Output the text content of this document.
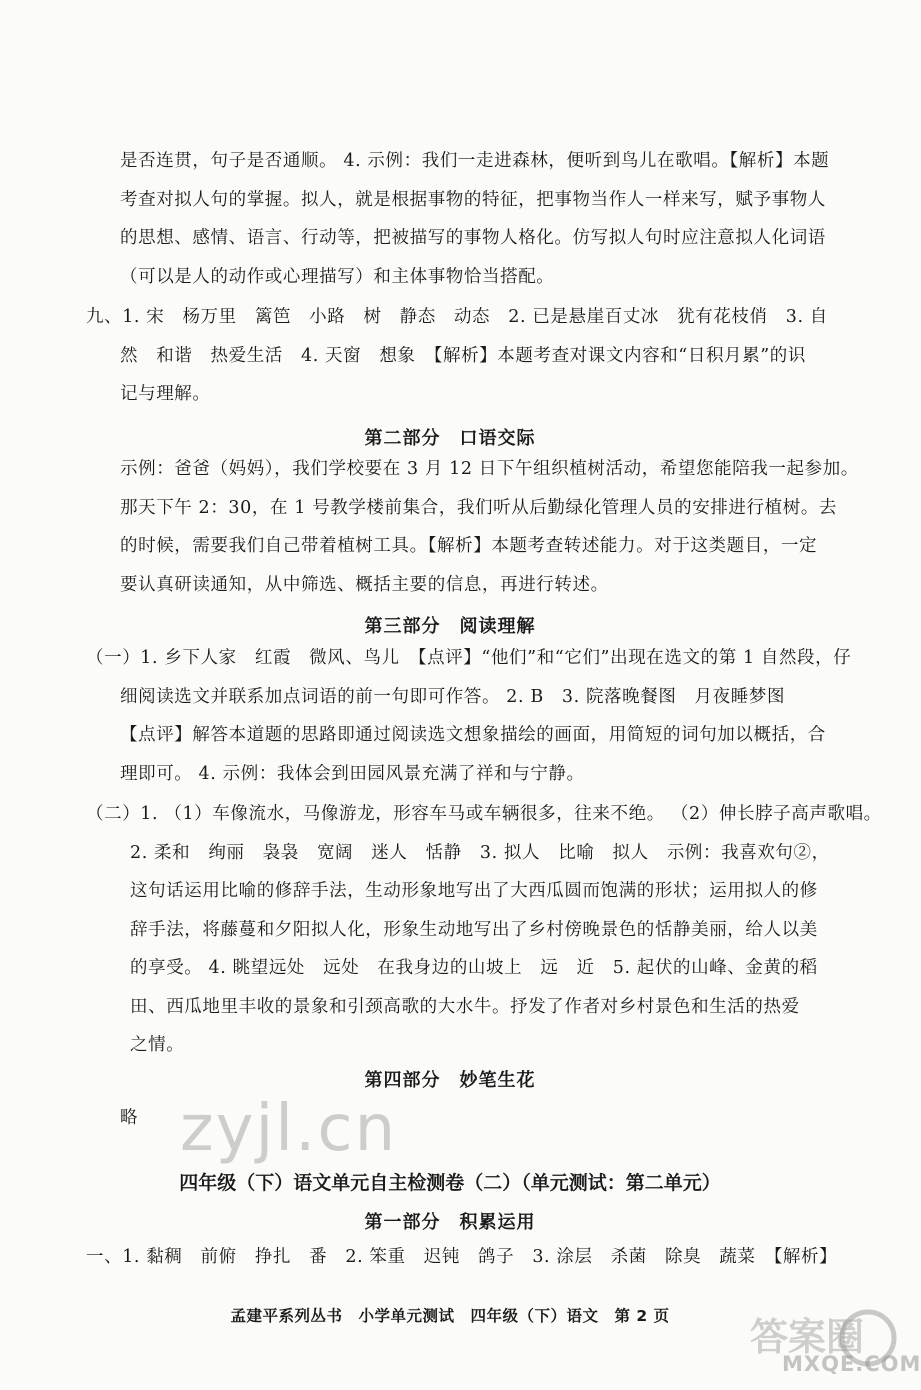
是否连贯，句子是否通顺。 4. 示例：我们一走进森林，便听到鸟儿在歌唱。【解析】本题
考查对拟人句的掌握。拟人，就是根据事物的特征，把事物当作人一样来写，赋予事物人
的思想、感情、语言、行动等，把被描写的事物人格化。仿写拟人句时应注意拟人化词语
（可以是人的动作或心理描写）和主体事物恰当搭配。
九、1. 宋　杨万里　篱笆　小路　树　静态　动态　2. 已是悬崖百丈冰　犹有花枝俏　3. 自
然　和谐　热爱生活　4. 天窗　想象　【解析】本题考查对课文内容和“日积月累”的识
记与理解。
第二部分　口语交际
示例：爸爸（妈妈），我们学校要在 3 月 12 日下午组织植树活动，希望您能陪我一起参加。
那天下午 2：30，在 1 号教学楼前集合，我们听从后勤绿化管理人员的安排进行植树。去
的时候，需要我们自己带着植树工具。【解析】本题考查转述能力。对于这类题目，一定
要认真研读通知，从中筛选、概括主要的信息，再进行转述。
第三部分　阅读理解
（一）1. 乡下人家　红霞　微风、鸟儿　【点评】“他们”和“它们”出现在选文的第 1 自然段，仔
细阅读选文并联系加点词语的前一句即可作答。 2. B　3. 院落晚餐图　月夜睡梦图
【点评】解答本道题的思路即通过阅读选文想象描绘的画面，用简短的词句加以概括，合
理即可。 4. 示例：我体会到田园风景充满了祥和与宁静。
（二）1. （1）车像流水，马像游龙，形容车马或车辆很多，往来不绝。 （2）伸长脖子高声歌唱。
2. 柔和　绚丽　袅袅　宽阔　迷人　恬静　3. 拟人　比喻　拟人　示例：我喜欢句②，
这句话运用比喻的修辞手法，生动形象地写出了大西瓜圆而饱满的形状；运用拟人的修
辞手法，将藤蔓和夕阳拟人化，形象生动地写出了乡村傍晚景色的恬静美丽，给人以美
的享受。 4. 眺望远处　远处　在我身边的山坡上　远　近　5. 起伏的山峰、金黄的稻
田、西瓜地里丰收的景象和引颈高歌的大水牛。抒发了作者对乡村景色和生活的热爱
之情。
第四部分　妙笔生花
略 zyjl.cn
四年级（下）语文单元自主检测卷（二）（单元测试：第二单元）
第一部分　积累运用
一、1. 黏稠　前俯　挣扎　番　2. 笨重　迟钝　鸽子　3. 涂层　杀菌　除臭　蔬菜　【解析】
孟建平系列丛书　小学单元测试　四年级（下）语文　第 2 页	答案圈
MXQE.COM
